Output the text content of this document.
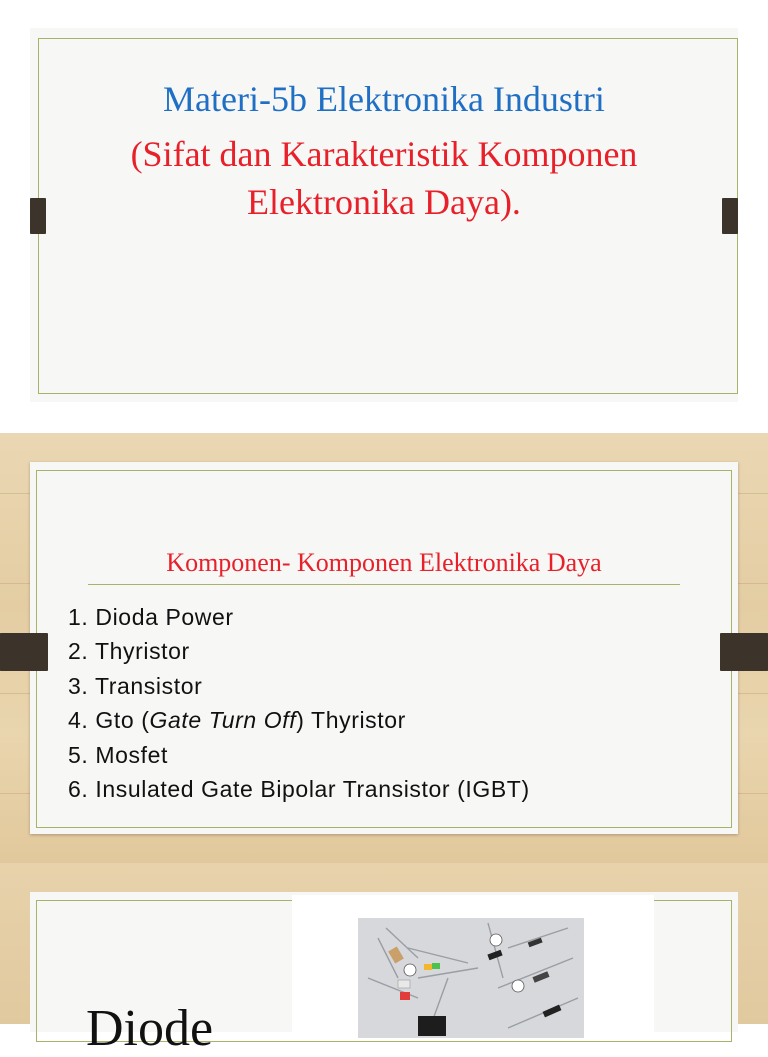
Materi-5b Elektronika Industri
(Sifat dan Karakteristik Komponen
Elektronika Daya).
Komponen- Komponen Elektronika Daya
1. Dioda Power
2. Thyristor
3. Transistor
4. Gto (Gate Turn Off) Thyristor
5. Mosfet
6. Insulated Gate Bipolar Transistor (IGBT)
Diode
